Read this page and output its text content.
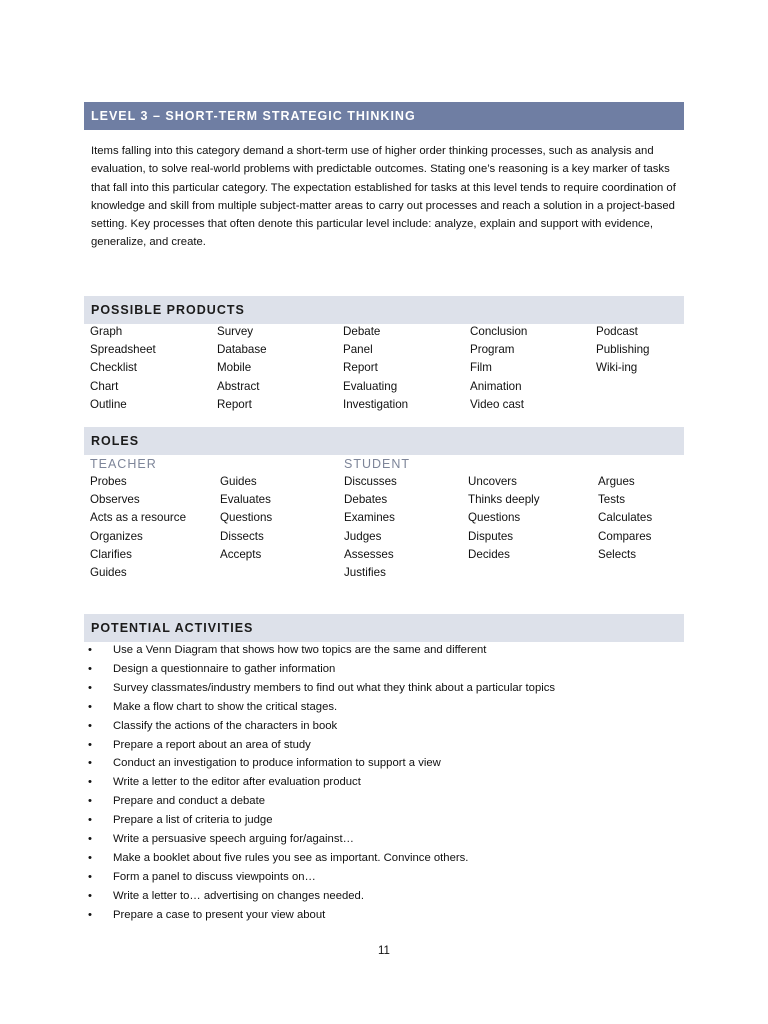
LEVEL 3 – SHORT-TERM STRATEGIC THINKING

Items falling into this category demand a short-term use of higher order thinking processes, such as analysis and evaluation, to solve real-world problems with predictable outcomes. Stating one’s reasoning is a key marker of tasks that fall into this particular category. The expectation established for tasks at this level tends to require coordination of knowledge and skill from multiple subject-matter areas to carry out processes and reach a solution in a project-based setting. Key processes that often denote this particular level include: analyze, explain and support with evidence, generalize, and create.

POSSIBLE PRODUCTS
Graph
Spreadsheet
Checklist
Chart
Outline
Survey
Database
Mobile
Abstract
Report
Debate
Panel
Report
Evaluating
Investigation
Conclusion
Program
Film
Animation
Video cast
Podcast
Publishing
Wiki-ing
ROLES
TEACHER	STUDENT
Probes
Observes
Acts as a resource
Organizes
Clarifies
Guides
Guides
Evaluates
Questions
Dissects
Accepts
Discusses
Debates
Examines
Judges
Assesses
Justifies
Uncovers
Thinks deeply
Questions
Disputes
Decides
Argues
Tests
Calculates
Compares
Selects
POTENTIAL ACTIVITIES
• Use a Venn Diagram that shows how two topics are the same and different
• Design a questionnaire to gather information
• Survey classmates/industry members to find out what they think about a particular topics
• Make a flow chart to show the critical stages.
• Classify the actions of the characters in book
• Prepare a report about an area of study
• Conduct an investigation to produce information to support a view
• Write a letter to the editor after evaluation product
• Prepare and conduct a debate
• Prepare a list of criteria to judge
• Write a persuasive speech arguing for/against…
• Make a booklet about five rules you see as important. Convince others.
• Form a panel to discuss viewpoints on…
• Write a letter to… advertising on changes needed.
• Prepare a case to present your view about
11
